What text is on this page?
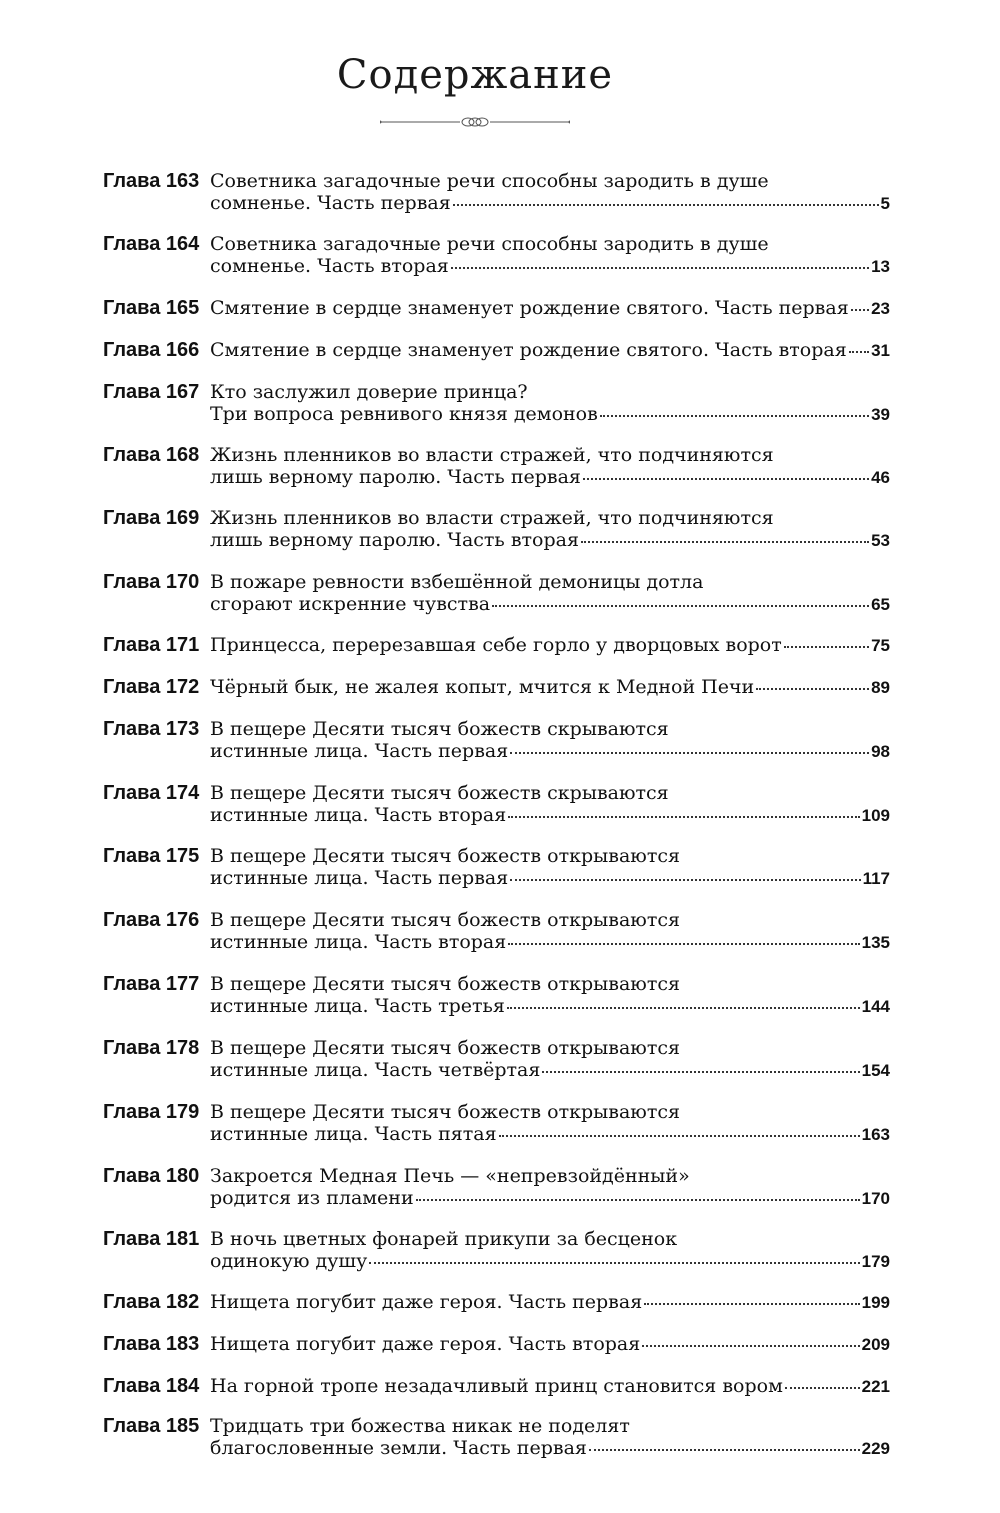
Содержание
Глава 163 Советника загадочные речи способны зародить в душе
сомненье. Часть первая	5
Глава 164 Советника загадочные речи способны зародить в душе
сомненье. Часть вторая	13
Глава 165 Смятение в сердце знаменует рождение святого. Часть первая 23
Глава 166 Смятение в сердце знаменует рождение святого. Часть вторая 31
Глава 167 Кто заслужил доверие принца?
Три вопроса ревнивого князя демонов	39
Глава 168 Жизнь пленников во власти стражей, что подчиняются
лишь верному паролю. Часть первая	46
Глава 169 Жизнь пленников во власти стражей, что подчиняются
лишь верному паролю. Часть вторая	53
Глава 170 В пожаре ревности взбешённой демоницы дотла
сгорают искренние чувства	65
Глава 171 Принцесса, перерезавшая себе горло у дворцовых ворот	75
Глава 172 Чёрный бык, не жалея копыт, мчится к Медной Печи	89
Глава 173 В пещере Десяти тысяч божеств скрываются
истинные лица. Часть первая	98
Глава 174 В пещере Десяти тысяч божеств скрываются
истинные лица. Часть вторая	109
Глава 175 В пещере Десяти тысяч божеств открываются
истинные лица. Часть первая	117
Глава 176 В пещере Десяти тысяч божеств открываются
истинные лица. Часть вторая	135
Глава 177 В пещере Десяти тысяч божеств открываются
истинные лица. Часть третья	144
Глава 178 В пещере Десяти тысяч божеств открываются
истинные лица. Часть четвёртая	154
Глава 179 В пещере Десяти тысяч божеств открываются
истинные лица. Часть пятая	163
Глава 180 Закроется Медная Печь — «непревзойдённый»
родится из пламени	170
Глава 181 В ночь цветных фонарей прикупи за бесценок
одинокую душу	179
Глава 182 Нищета погубит даже героя. Часть первая	199
Глава 183 Нищета погубит даже героя. Часть вторая	209
Глава 184 На горной тропе незадачливый принц становится вором	221
Глава 185 Тридцать три божества никак не поделят
благословенные земли. Часть первая	229
